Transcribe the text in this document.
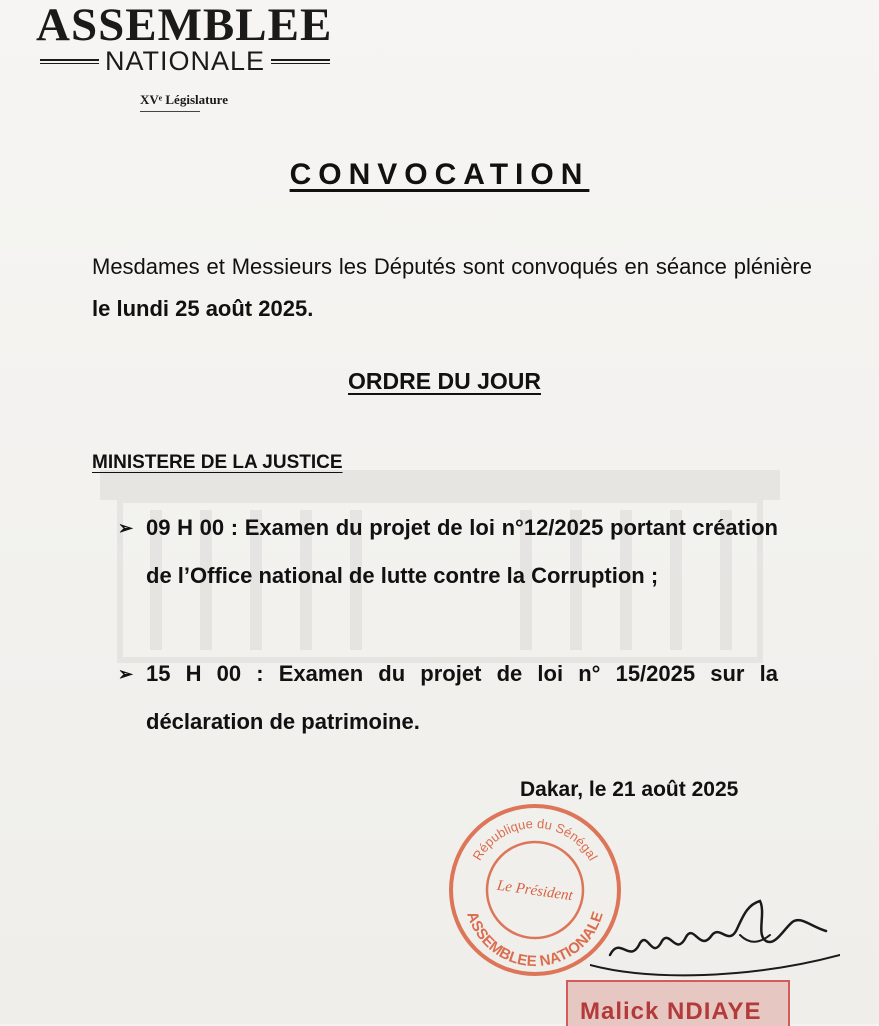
ASSEMBLEE
NATIONALE
XVᵉ Législature
CONVOCATION
Mesdames et Messieurs les Députés sont convoqués en séance plénière le lundi 25 août 2025.
ORDRE DU JOUR
MINISTERE DE LA JUSTICE
➢ 09 H 00 : Examen du projet de loi n°12/2025 portant création de l’Office national de lutte contre la Corruption ;
➢ 15 H 00 : Examen du projet de loi n° 15/2025 sur la déclaration de patrimoine.
Dakar, le 21 août 2025
République du Sénégal
ASSEMBLEE NATIONALE
Le Président
Malick NDIAYE
